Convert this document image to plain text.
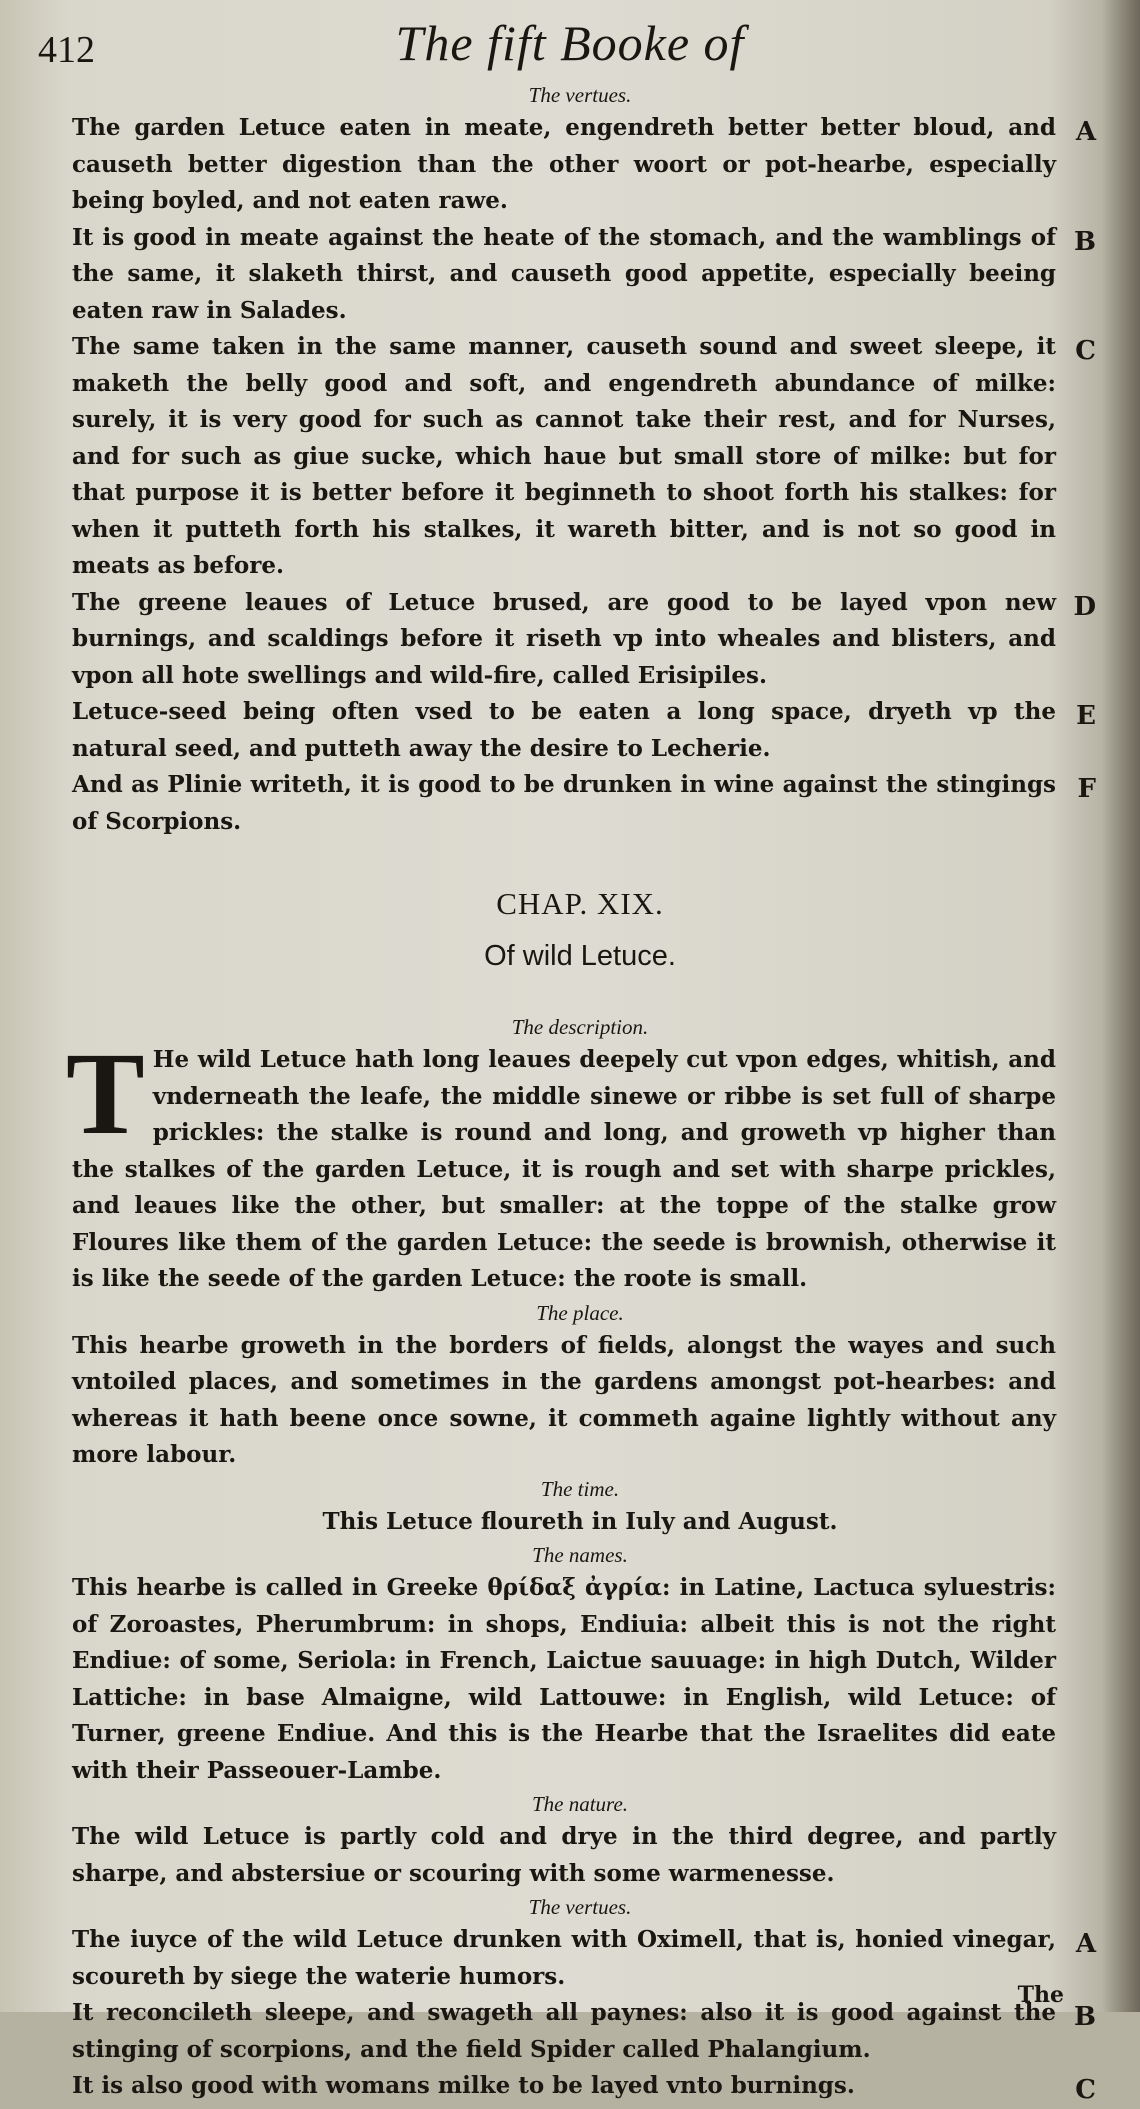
412	The fift Booke of
The vertues.

The garden Letuce eaten in meate, engendreth better better bloud, and causeth better digestion than the other woort or pot-hearbe, especially being boyled, and not eaten rawe.
A

It is good in meate against the heate of the stomach, and the wamblings of the same, it slaketh thirst, and causeth good appetite, especially beeing eaten raw in Salades.
B

The same taken in the same manner, causeth sound and sweet sleepe, it maketh the belly good and soft, and engendreth abundance of milke: surely, it is very good for such as cannot take their rest, and for Nurses, and for such as giue sucke, which haue but small store of milke: but for that purpose it is better before it beginneth to shoot forth his stalkes: for when it putteth forth his stalkes, it wareth bitter, and is not so good in meats as before.
C

The greene leaues of Letuce brused, are good to be layed vpon new burnings, and scaldings before it riseth vp into wheales and blisters, and vpon all hote swellings and wild-fire, called Erisipiles.
D

Letuce-seed being often vsed to be eaten a long space, dryeth vp the natural seed, and putteth away the desire to Lecherie.
E

And as Plinie writeth, it is good to be drunken in wine against the stingings of Scorpions.
F

CHAP. XIX.
Of wild Letuce.
The description.

T He wild Letuce hath long leaues deepely cut vpon edges, whitish, and vnderneath the leafe, the middle sinewe or ribbe is set full of sharpe prickles: the stalke is round and long, and groweth vp higher than the stalkes of the garden Letuce, it is rough and set with sharpe prickles, and leaues like the other, but smaller: at the toppe of the stalke grow Floures like them of the garden Letuce: the seede is brownish, otherwise it is like the seede of the garden Letuce: the roote is small.

The place.

This hearbe groweth in the borders of fields, alongst the wayes and such vntoiled places, and sometimes in the gardens amongst pot-hearbes: and whereas it hath beene once sowne, it commeth againe lightly without any more labour.

The time.

This Letuce floureth in Iuly and August.

The names.

This hearbe is called in Greeke θρίδαξ ἀγρία: in Latine, Lactuca syluestris: of Zoroastes, Pherumbrum: in shops, Endiuia: albeit this is not the right Endiue: of some, Seriola: in French, Laictue sauuage: in high Dutch, Wilder Lattiche: in base Almaigne, wild Lattouwe: in English, wild Letuce: of Turner, greene Endiue. And this is the Hearbe that the Israelites did eate with their Passeouer-Lambe.

The nature.

The wild Letuce is partly cold and drye in the third degree, and partly sharpe, and abstersiue or scouring with some warmenesse.

The vertues.

The iuyce of the wild Letuce drunken with Oximell, that is, honied vinegar, scoureth by siege the waterie humors.
A

It reconcileth sleepe, and swageth all paynes: also it is good against the stinging of scorpions, and the field Spider called Phalangium.
B

It is also good with womans milke to be layed vnto burnings.	C

The
